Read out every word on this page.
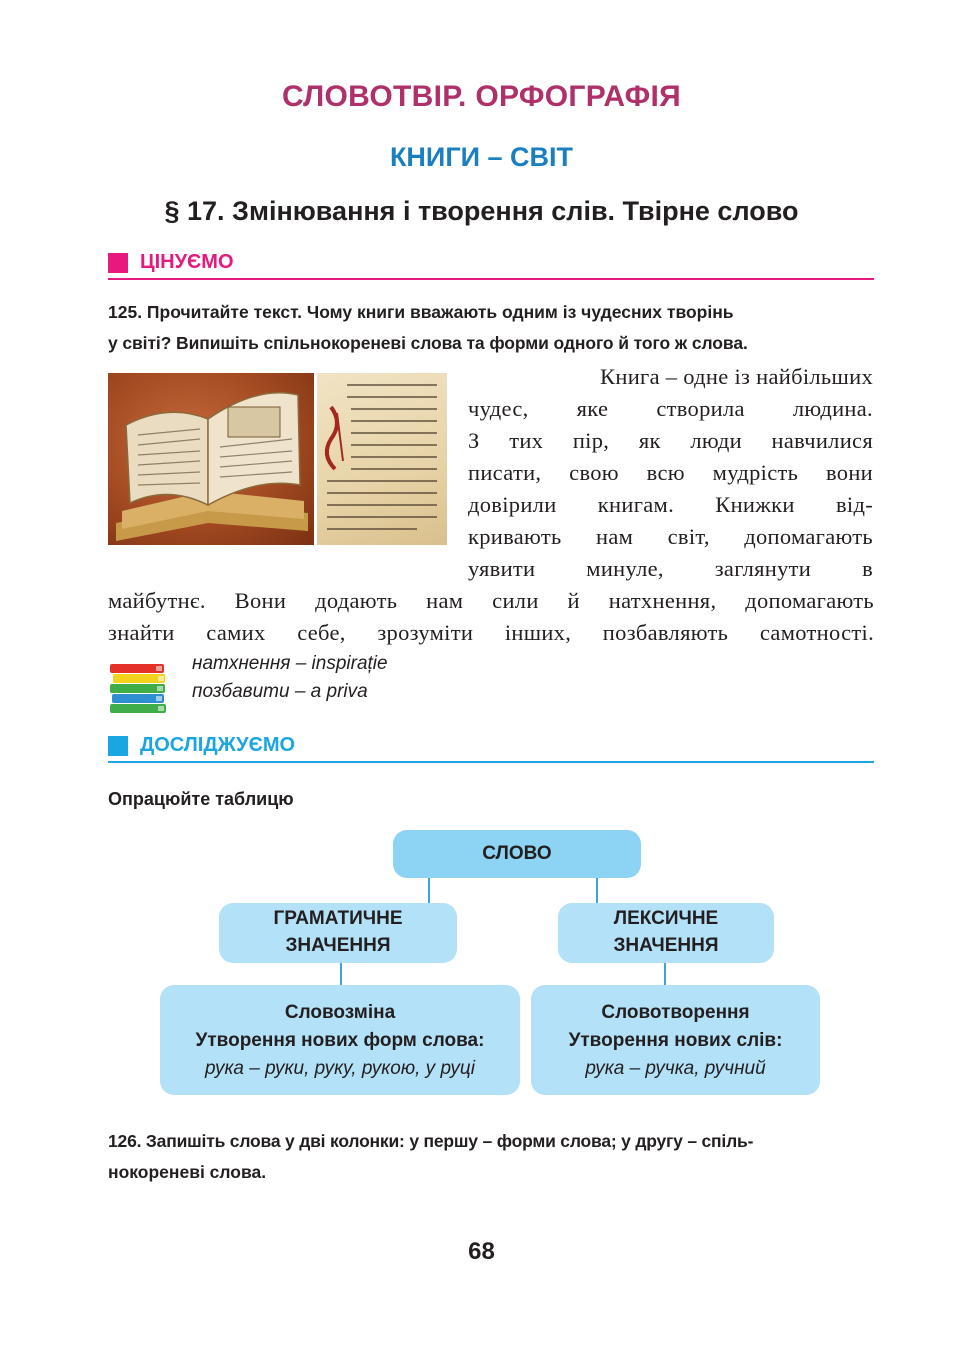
СЛОВОТВІР. ОРФОГРАФІЯ
КНИГИ – СВІТ
§ 17. Змінювання і творення слів. Твірне слово
ЦІНУЄМО
125. Прочитайте текст. Чому книги вважають одним із чудесних творінь
у світі? Випишіть спільнокореневі слова та форми одного й того ж слова.
Книга – одне із найбільших
чудес, яке створила людина.
З тих пір, як люди навчилися
писати, свою всю мудрість вони
довірили книгам. Книжки від-
кривають нам світ, допомагають
уявити минуле, заглянути в
майбутнє. Вони додають нам сили й натхнення, допомагають
знайти самих себе, зрозуміти інших, позбавляють самотності.
натхнення – inspirație
позбавити – a priva
ДОСЛІДЖУЄМО
Опрацюйте таблицю
СЛОВО
ГРАМАТИЧНЕ
ЗНАЧЕННЯ
ЛЕКСИЧНЕ
ЗНАЧЕННЯ
Словозміна
Утворення нових форм слова:
рука – руки, руку, рукою, у руці
Словотворення
Утворення нових слів:
рука – ручка, ручний
126. Запишіть слова у дві колонки: у першу – форми слова; у другу – спіль-
нокореневі слова.
68
